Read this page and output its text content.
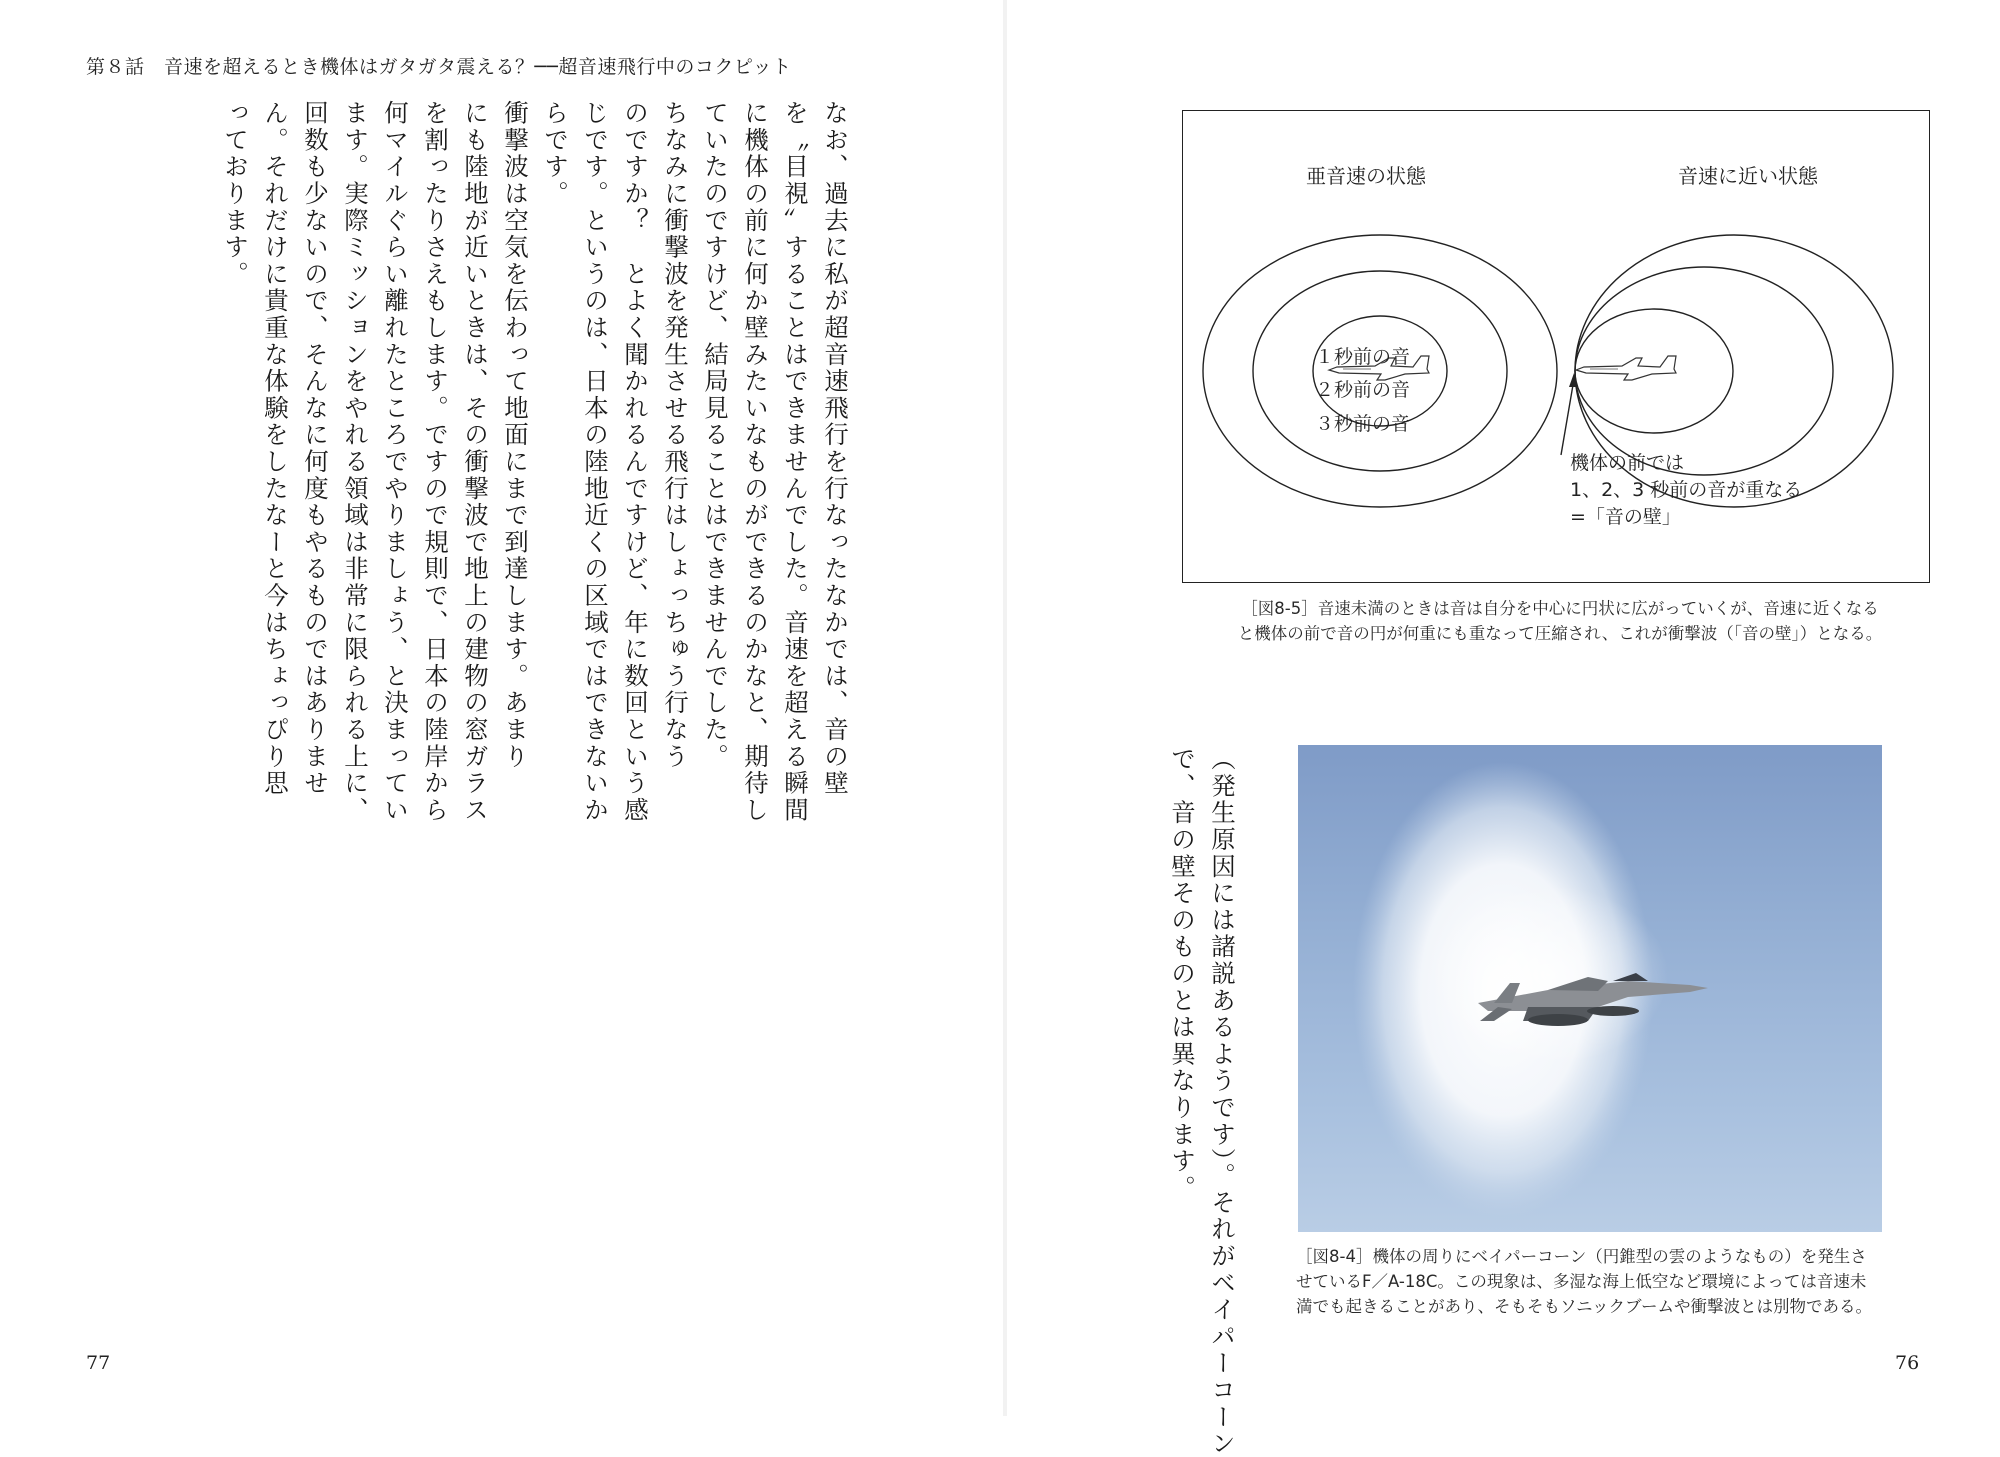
第８話　音速を超えるとき機体はガタガタ震える？──超音速飛行中のコクピット
なお、過去に私が超音速飛行を行なったなかでは、音の壁
を〝目視〟することはできませんでした。音速を超える瞬間
に機体の前に何か壁みたいなものができるのかなと、期待し
ていたのですけど、結局見ることはできませんでした。
ちなみに衝撃波を発生させる飛行はしょっちゅう行なう
のですか？　とよく聞かれるんですけど、年に数回という感
じです。というのは、日本の陸地近くの区域ではできないか
らです。
衝撃波は空気を伝わって地面にまで到達します。あまり
にも陸地が近いときは、その衝撃波で地上の建物の窓ガラス
を割ったりさえもします。ですので規則で、日本の陸岸から
何マイルぐらい離れたところでやりましょう、と決まってい
ます。実際ミッションをやれる領域は非常に限られる上に、
回数も少ないので、そんなに何度もやるものではありませ
ん。それだけに貴重な体験をしたなーと今はちょっぴり思
っております。
77
亜音速の状態
１秒前の音
２秒前の音
３秒前の音
音速に近い状態
機体の前では
1、2、3 秒前の音が重なる
=「音の壁」
［図8-5］音速未満のときは音は自分を中心に円状に広がっていくが、音速に近くなる
と機体の前で音の円が何重にも重なって圧縮され、これが衝撃波（「音の壁」）となる。
（発生原因には諸説あるようです）。それがベイパーコーン
で、音の壁そのものとは異なります。
［図8-4］機体の周りにベイパーコーン（円錐型の雲のようなもの）を発生さ
せているF／A-18C。この現象は、多湿な海上低空など環境によっては音速未
満でも起きることがあり、そもそもソニックブームや衝撃波とは別物である。
76
